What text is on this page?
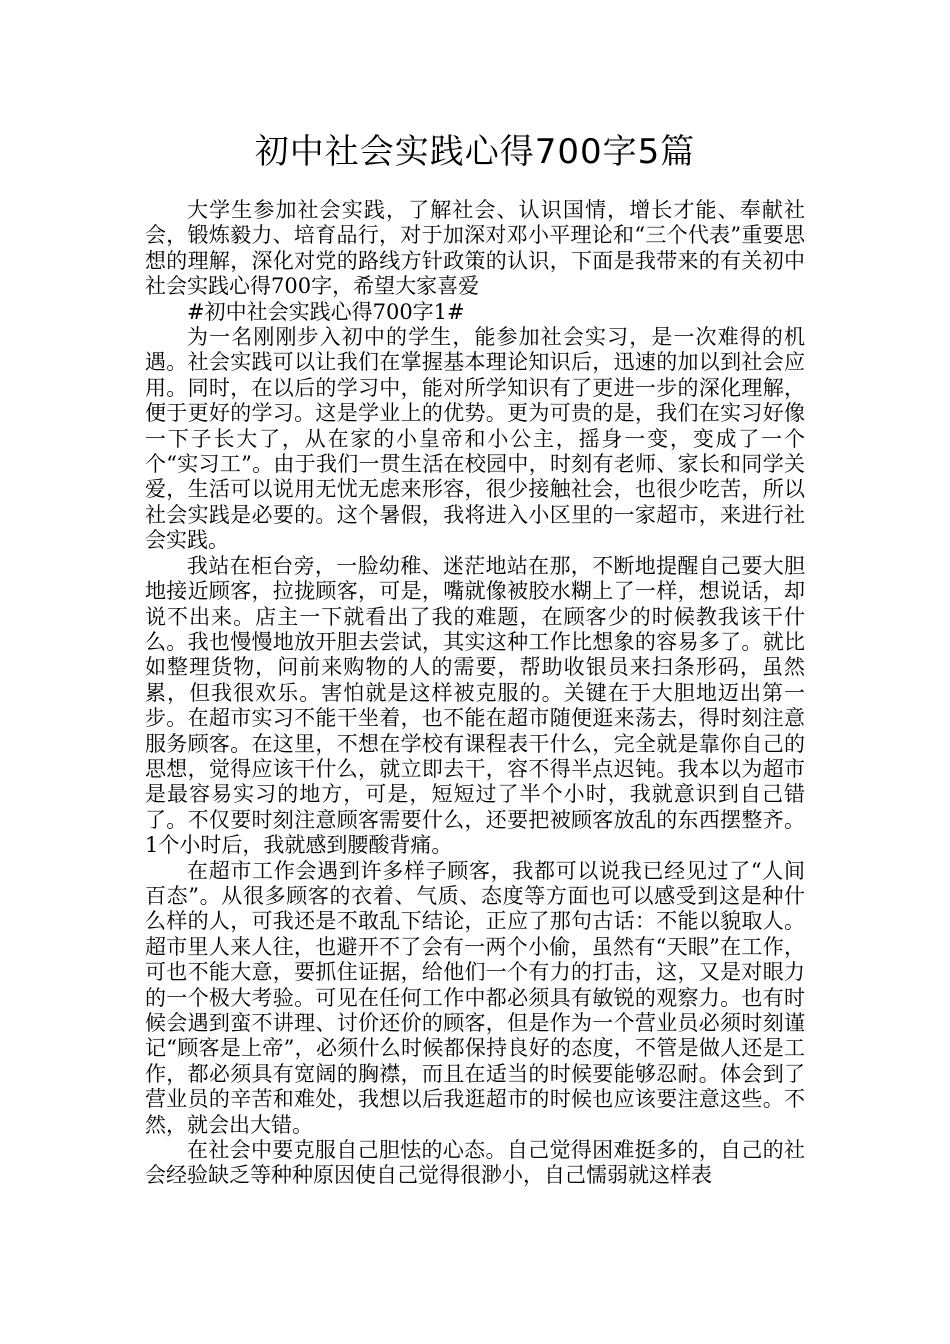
初中社会实践心得700字5篇

大学生参加社会实践，了解社会、认识国情，增长才能、奉献社会，锻炼毅力、培育品行，对于加深对邓小平理论和“三个代表”重要思想的理解，深化对党的路线方针政策的认识，下面是我带来的有关初中社会实践心得700字，希望大家喜爱

#初中社会实践心得700字1#

为一名刚刚步入初中的学生，能参加社会实习，是一次难得的机遇。社会实践可以让我们在掌握基本理论知识后，迅速的加以到社会应用。同时，在以后的学习中，能对所学知识有了更进一步的深化理解，便于更好的学习。这是学业上的优势。更为可贵的是，我们在实习好像一下子长大了，从在家的小皇帝和小公主，摇身一变，变成了一个个“实习工”。由于我们一贯生活在校园中，时刻有老师、家长和同学关爱，生活可以说用无忧无虑来形容，很少接触社会，也很少吃苦，所以社会实践是必要的。这个暑假，我将进入小区里的一家超市，来进行社会实践。

我站在柜台旁，一脸幼稚、迷茫地站在那，不断地提醒自己要大胆地接近顾客，拉拢顾客，可是，嘴就像被胶水糊上了一样，想说话，却说不出来。店主一下就看出了我的难题，在顾客少的时候教我该干什么。我也慢慢地放开胆去尝试，其实这种工作比想象的容易多了。就比如整理货物，问前来购物的人的需要，帮助收银员来扫条形码，虽然累，但我很欢乐。害怕就是这样被克服的。关键在于大胆地迈出第一步。在超市实习不能干坐着，也不能在超市随便逛来荡去，得时刻注意服务顾客。在这里，不想在学校有课程表干什么，完全就是靠你自己的思想，觉得应该干什么，就立即去干，容不得半点迟钝。我本以为超市是最容易实习的地方，可是，短短过了半个小时，我就意识到自己错了。不仅要时刻注意顾客需要什么，还要把被顾客放乱的东西摆整齐。1个小时后，我就感到腰酸背痛。

在超市工作会遇到许多样子顾客，我都可以说我已经见过了“人间百态”。从很多顾客的衣着、气质、态度等方面也可以感受到这是种什么样的人，可我还是不敢乱下结论，正应了那句古话：不能以貌取人。超市里人来人往，也避开不了会有一两个小偷，虽然有“天眼”在工作，可也不能大意，要抓住证据，给他们一个有力的打击，这，又是对眼力的一个极大考验。可见在任何工作中都必须具有敏锐的观察力。也有时候会遇到蛮不讲理、讨价还价的顾客，但是作为一个营业员必须时刻谨记“顾客是上帝”，必须什么时候都保持良好的态度，不管是做人还是工作，都必须具有宽阔的胸襟，而且在适当的时候要能够忍耐。体会到了营业员的辛苦和难处，我想以后我逛超市的时候也应该要注意这些。不然，就会出大错。

在社会中要克服自己胆怯的心态。自己觉得困难挺多的，自己的社会经验缺乏等种种原因使自己觉得很渺小，自己懦弱就这样表
